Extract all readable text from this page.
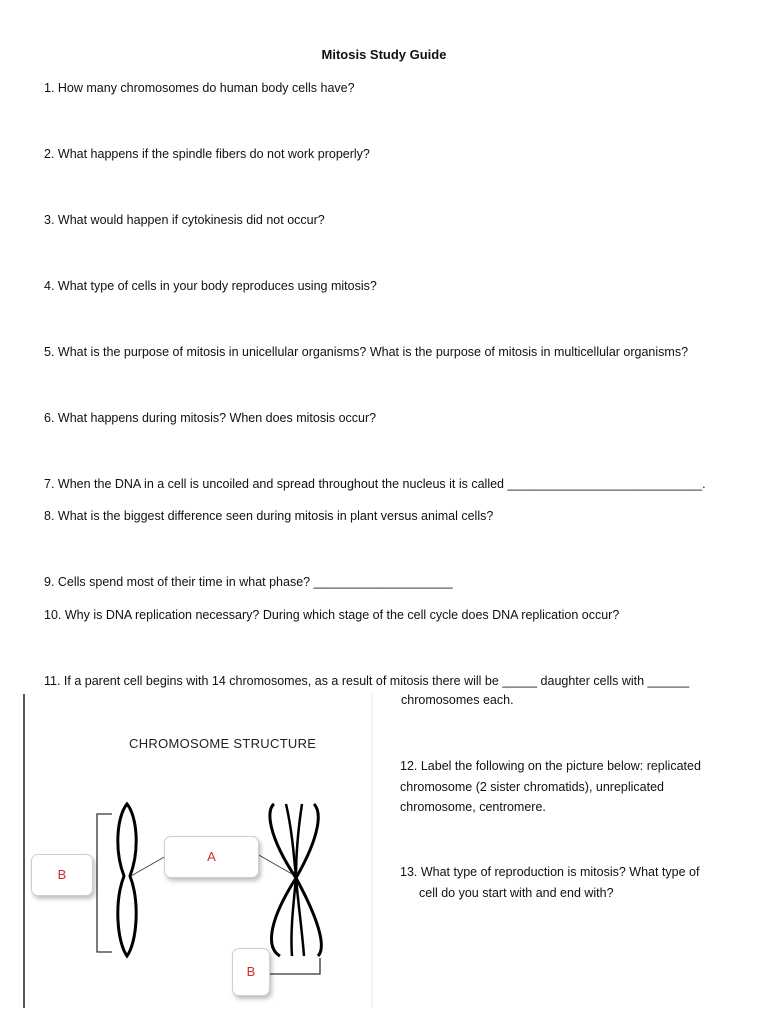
Mitosis Study Guide
1. How many chromosomes do human body cells have?
2. What happens if the spindle fibers do not work properly?
3. What would happen if cytokinesis did not occur?
4. What type of cells in your body reproduces using mitosis?
5. What is the purpose of mitosis in unicellular organisms? What is the purpose of mitosis in multicellular organisms?
6. What happens during mitosis? When does mitosis occur?
7. When the DNA in a cell is uncoiled and spread throughout the nucleus it is called ____________________________.
8. What is the biggest difference seen during mitosis in plant versus animal cells?
9. Cells spend most of their time in what phase? ____________________
10. Why is DNA replication necessary? During which stage of the cell cycle does DNA replication occur?
11. If a parent cell begins with 14 chromosomes, as a result of mitosis there will be _____ daughter cells with ______
chromosomes each.
CHROMOSOME STRUCTURE
B
A
B
12. Label the following on the picture below: replicated
chromosome (2 sister chromatids), unreplicated
chromosome, centromere.
13. What type of reproduction is mitosis? What type of
cell do you start with and end with?
